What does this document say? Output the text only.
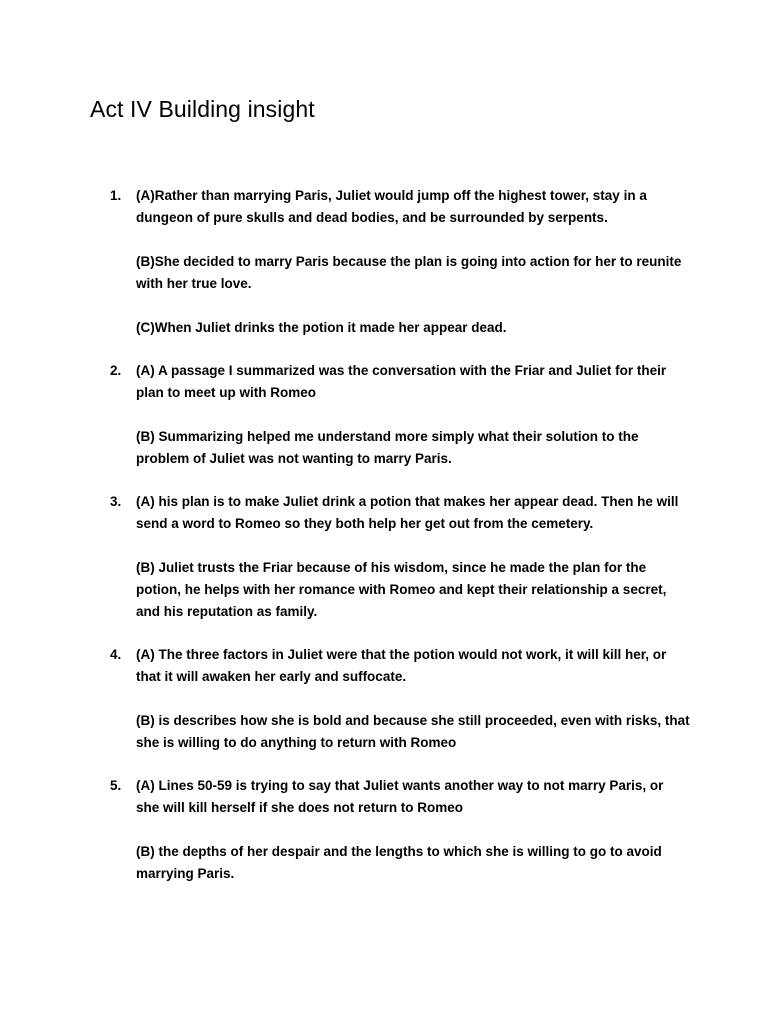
Act IV Building insight
1. (A)Rather than marrying Paris, Juliet would jump off the highest tower, stay in a dungeon of pure skulls and dead bodies, and be surrounded by serpents.

(B)She decided to marry Paris because the plan is going into action for her to reunite with her true love.

(C)When Juliet drinks the potion it made her appear dead.

2. (A) A passage I summarized was the conversation with the Friar and Juliet for their plan to meet up with Romeo

(B) Summarizing helped me understand more simply what their solution to the problem of Juliet was not wanting to marry Paris.

3. (A) his plan is to make Juliet drink a potion that makes her appear dead. Then he will send a word to Romeo so they both help her get out from the cemetery.

(B) Juliet trusts the Friar because of his wisdom, since he made the plan for the potion, he helps with her romance with Romeo and kept their relationship a secret, and his reputation as family.

4. (A) The three factors in Juliet were that the potion would not work, it will kill her, or that it will awaken her early and suffocate.

(B) is describes how she is bold and because she still proceeded, even with risks, that she is willing to do anything to return with Romeo

5. (A) Lines 50-59 is trying to say that Juliet wants another way to not marry Paris, or she will kill herself if she does not return to Romeo

(B) the depths of her despair and the lengths to which she is willing to go to avoid marrying Paris.
